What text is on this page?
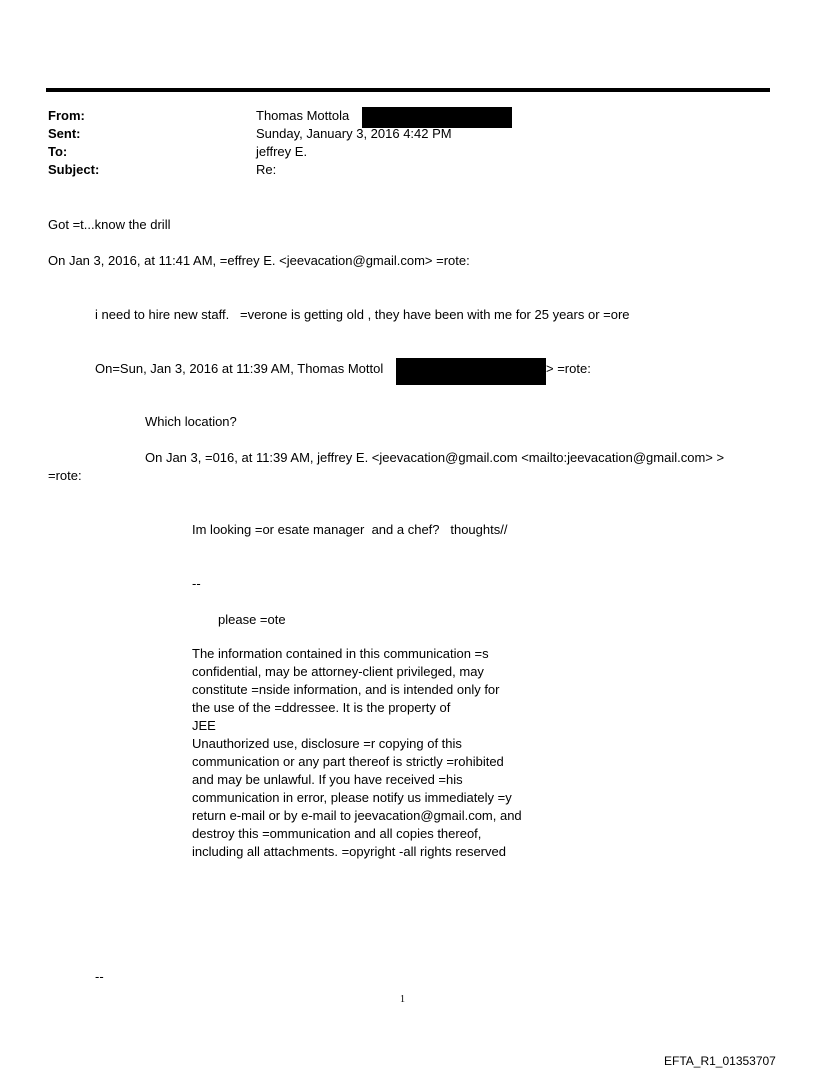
From:
Sent:
To:
Subject:
Thomas Mottola
Sunday, January 3, 2016 4:42 PM
jeffrey E.
Re:
Got =t...know the drill
On Jan 3, 2016, at 11:41 AM, =effrey E. <jeevacation@gmail.com> =rote:
i need to hire new staff.   =verone is getting old , they have been with me for 25 years or =ore
On=Sun, Jan 3, 2016 at 11:39 AM, Thomas Mottol	> =rote:
Which location?
On Jan 3, =016, at 11:39 AM, jeffrey E. <jeevacation@gmail.com <mailto:jeevacation@gmail.com> >
=rote:
Im looking =or esate manager  and a chef?   thoughts//
--
please =ote
The information contained in this communication =s
confidential, may be attorney-client privileged, may
constitute =nside information, and is intended only for
the use of the =ddressee. It is the property of
JEE
Unauthorized use, disclosure =r copying of this
communication or any part thereof is strictly =rohibited
and may be unlawful. If you have received =his
communication in error, please notify us immediately =y
return e-mail or by e-mail to jeevacation@gmail.com, and
destroy this =ommunication and all copies thereof,
including all attachments. =opyright -all rights reserved
--
1
EFTA_R1_01353707
